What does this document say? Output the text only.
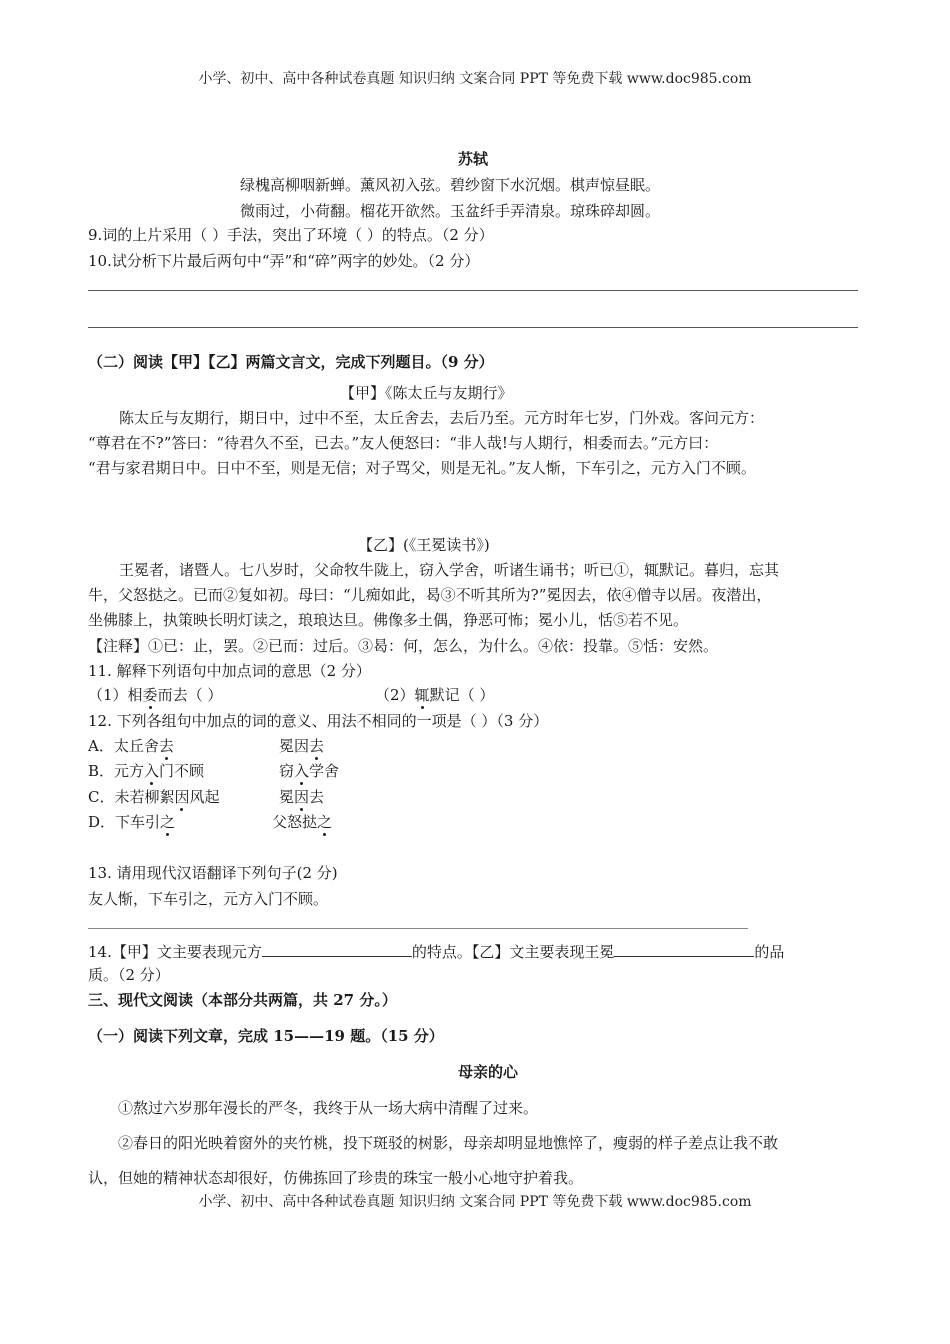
小学、初中、高中各种试卷真题 知识归纳 文案合同 PPT 等免费下载 www.doc985.com
苏轼
绿槐高柳咽新蝉。薰风初入弦。碧纱窗下水沉烟。棋声惊昼眠。
微雨过，小荷翻。榴花开欲然。玉盆纤手弄清泉。琼珠碎却圆。
9.词的上片采用（ ）手法，突出了环境（ ）的特点。（2 分）
10.试分析下片最后两句中“弄”和“碎”两字的妙处。（2 分）
（二）阅读【甲】【乙】两篇文言文，完成下列题目。（9 分）
【甲】《陈太丘与友期行》
陈太丘与友期行，期日中，过中不至，太丘舍去，去后乃至。元方时年七岁，门外戏。客问元方：
“尊君在不?”答曰：“待君久不至，已去。”友人便怒曰：“非人哉!与人期行，相委而去。”元方曰：
“君与家君期日中。日中不至，则是无信；对子骂父，则是无礼。”友人惭，下车引之，元方入门不顾。
【乙】(《王冕读书》)
王冕者，诸暨人。七八岁时，父命牧牛陇上，窃入学舍，听诸生诵书；听已①，辄默记。暮归，忘其
牛，父怒挞之。已而②复如初。母曰：“儿痴如此，曷③不听其所为?”冕因去，依④僧寺以居。夜潜出，
坐佛膝上，执策映长明灯读之，琅琅达旦。佛像多土偶，狰恶可怖；冕小儿，恬⑤若不见。
【注释】①已：止，罢。②已而：过后。③曷：何，怎么，为什么。④依：投靠。⑤恬：安然。
11. 解释下列语句中加点词的意思（2 分）
（1）相委而去（ ）	（2）辄默记（ ）
12. 下列各组句中加点的词的意义、用法不相同的一项是（ ）（3 分）
A．太丘舍去	冕因去
B．元方入门不顾	窃入学舍
C．未若柳絮因风起	冕因去
D．下车引之	父怒挞之
13. 请用现代汉语翻译下列句子(2 分)
友人惭，下车引之，元方入门不顾。
14.【甲】文主要表现元方	的特点。【乙】文主要表现王冕	的品
质。（2 分）
三、现代文阅读（本部分共两篇，共 27 分。）
（一）阅读下列文章，完成 15——19 题。（15 分）
母亲的心
①熬过六岁那年漫长的严冬，我终于从一场大病中清醒了过来。
②春日的阳光映着窗外的夹竹桃，投下斑驳的树影，母亲却明显地憔悴了，瘦弱的样子差点让我不敢
认，但她的精神状态却很好，仿佛拣回了珍贵的珠宝一般小心地守护着我。
小学、初中、高中各种试卷真题 知识归纳 文案合同 PPT 等免费下载 www.doc985.com
